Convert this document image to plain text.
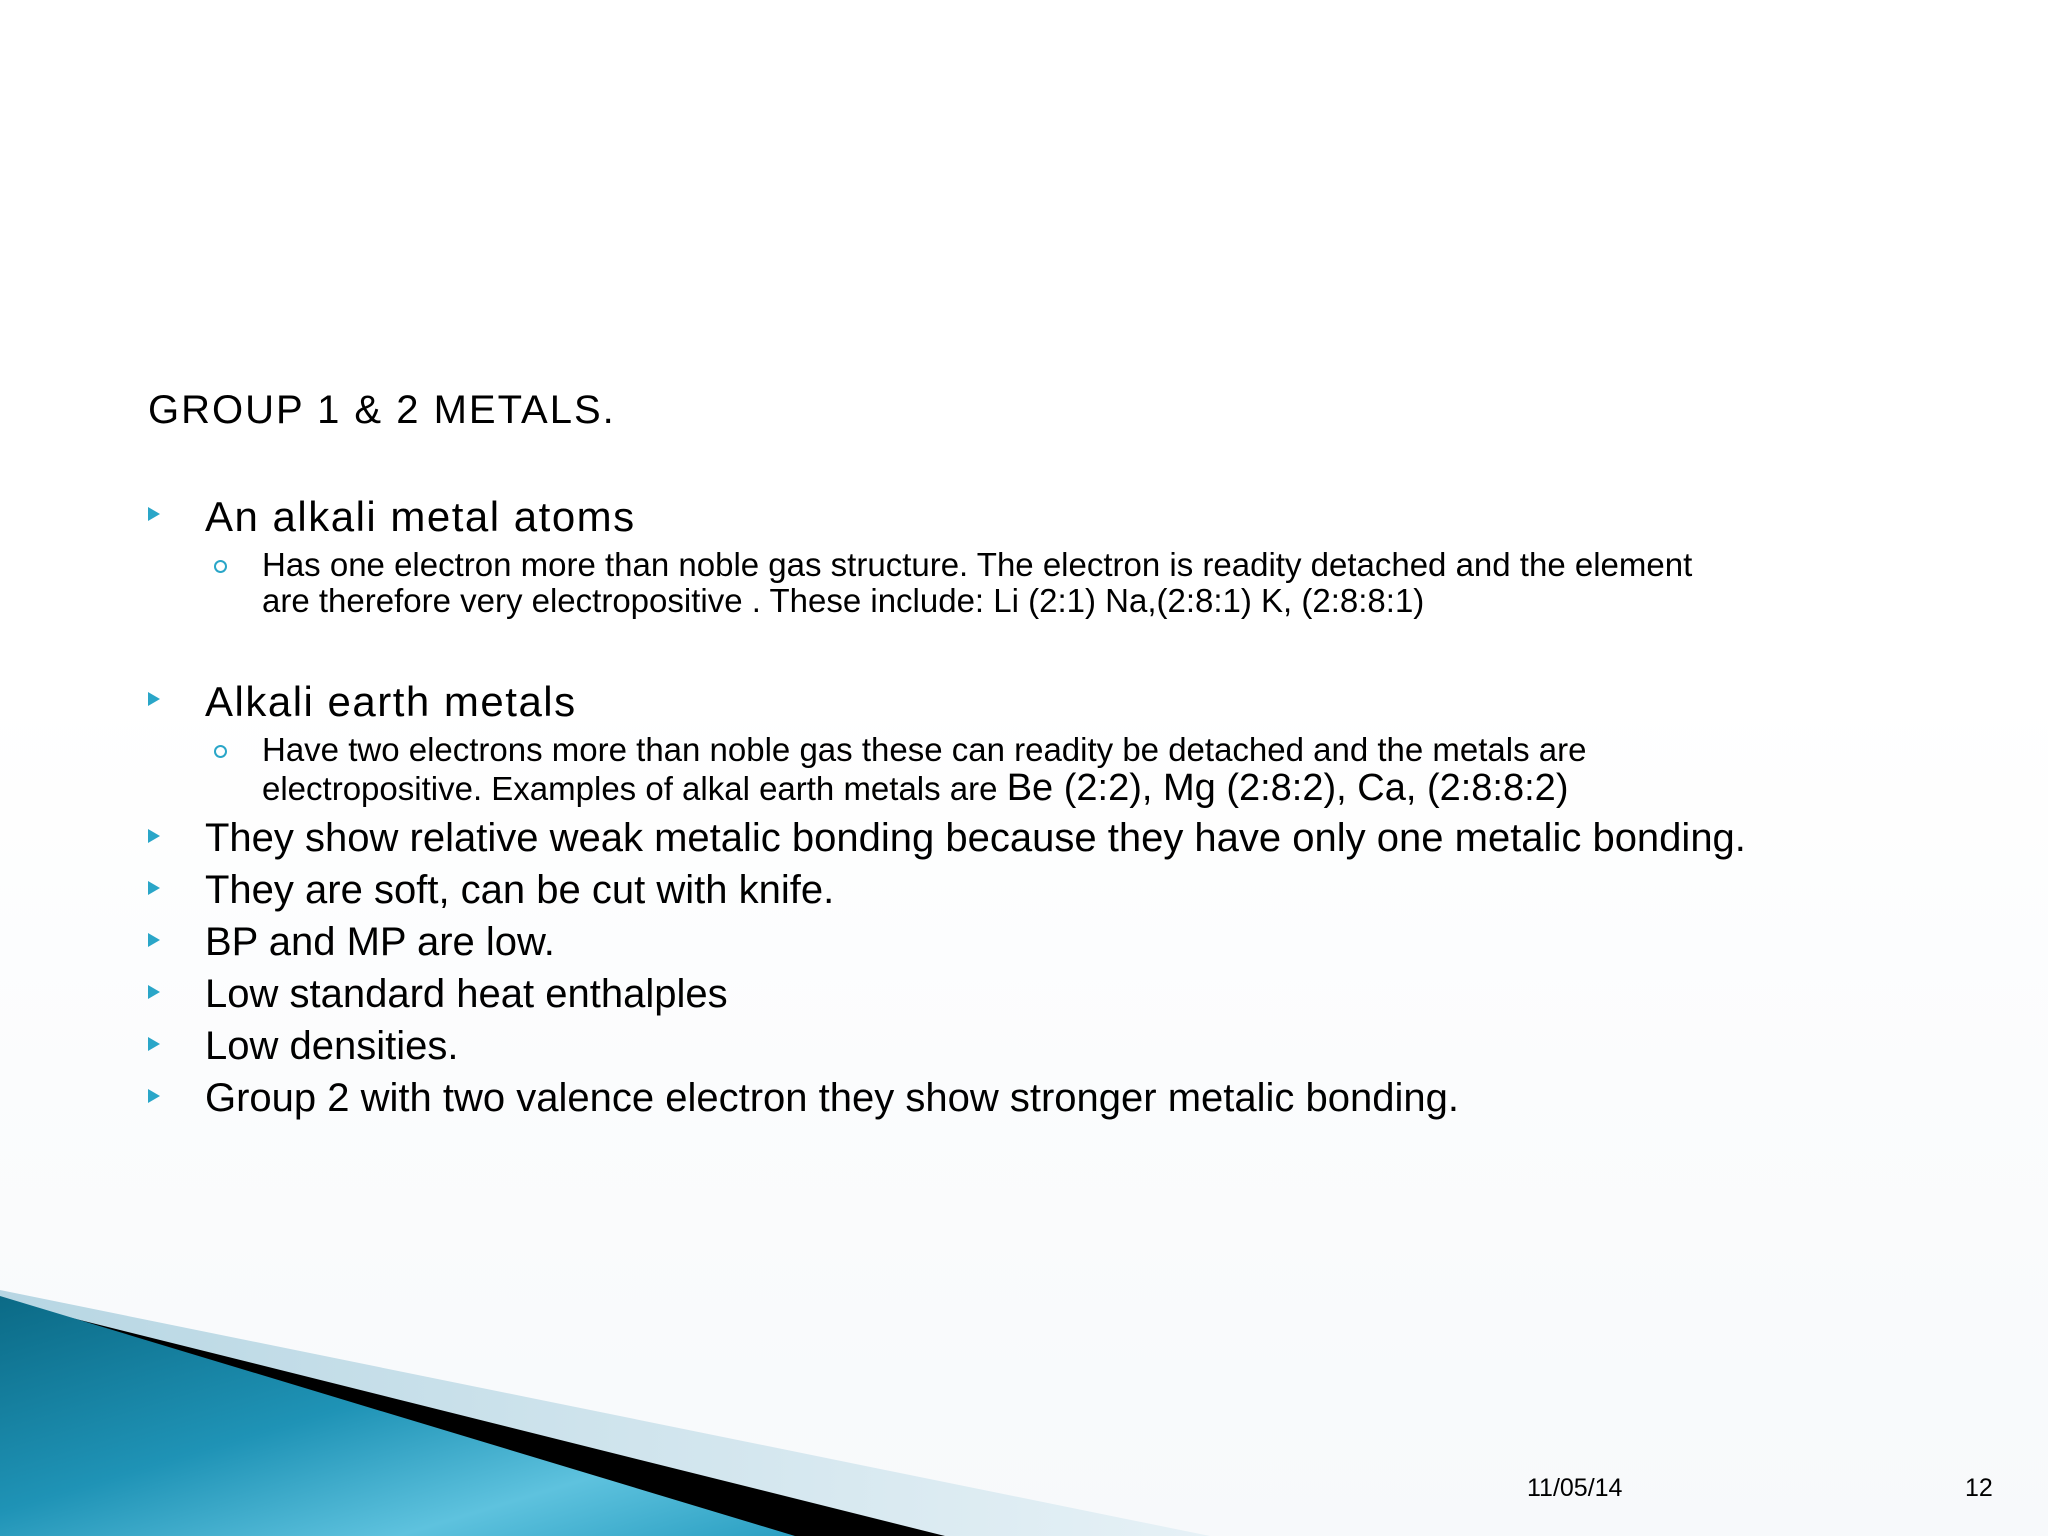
GROUP 1 & 2 METALS.
An alkali metal atoms
Has one electron more than noble gas structure. The electron is readity detached and the element
are therefore very electropositive . These include: Li (2:1) Na,(2:8:1) K, (2:8:8:1)
Alkali earth metals
Have two electrons more than noble gas these can readity be detached and the metals are
electropositive. Examples of alkal earth metals are Be (2:2), Mg (2:8:2), Ca, (2:8:8:2)
They show relative weak metalic bonding because they have only one metalic bonding.
They are soft, can be cut with knife.
BP and MP are low.
Low standard heat enthalples
Low densities.
Group 2 with two valence electron they show stronger metalic bonding.
11/05/14	12
